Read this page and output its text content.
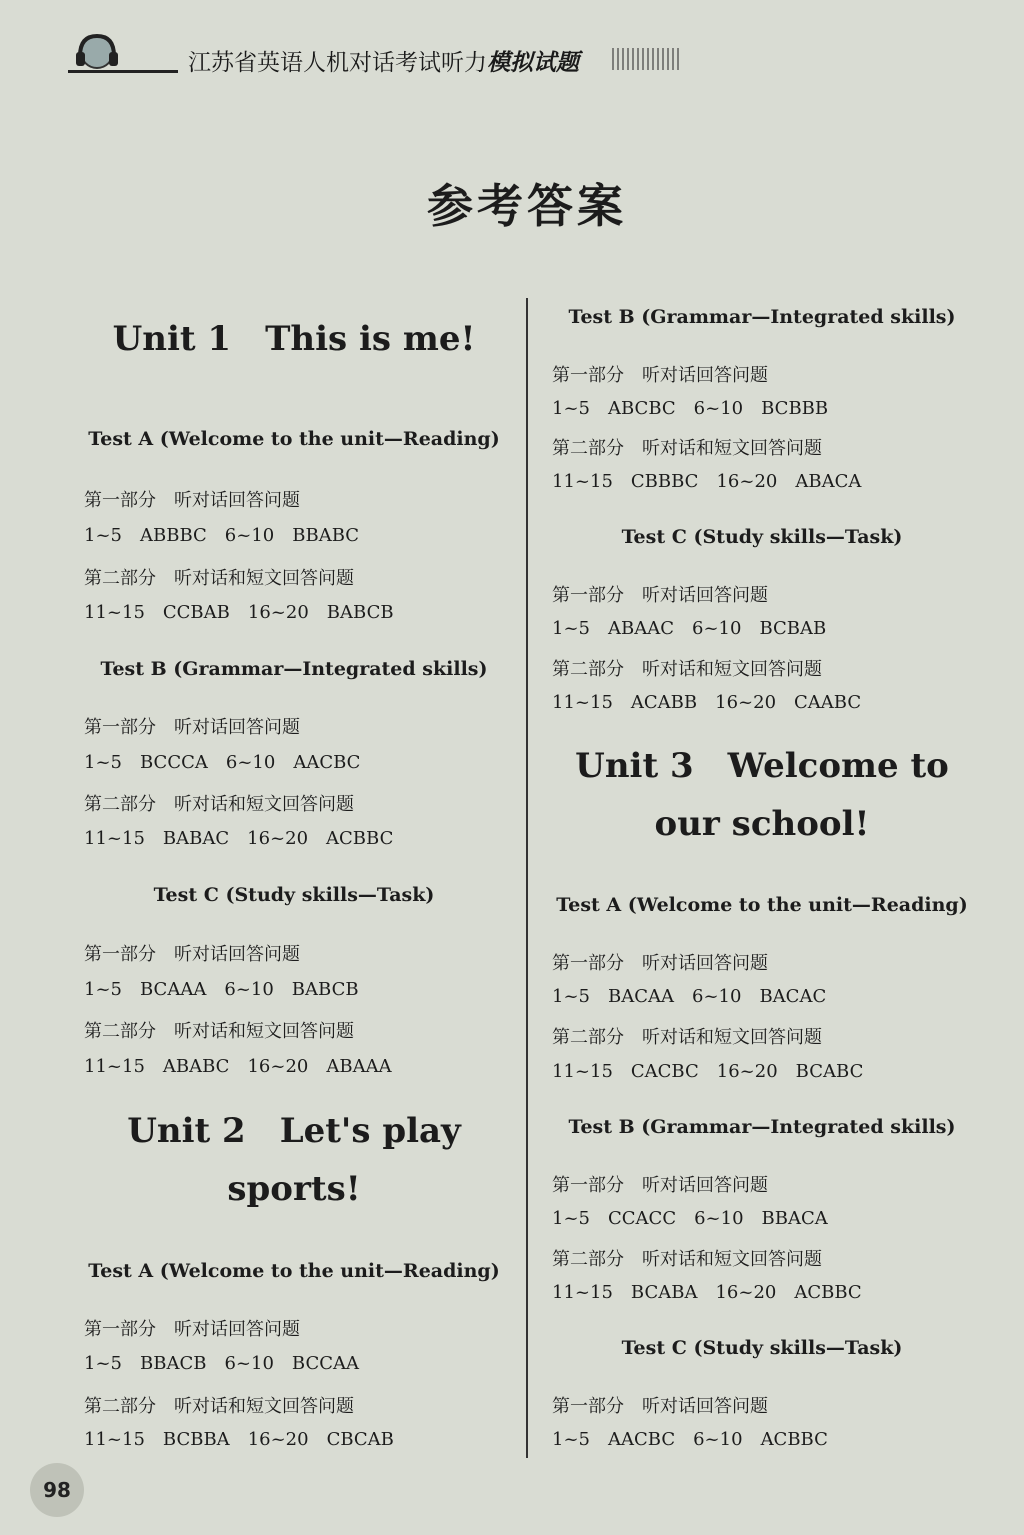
江苏省英语人机对话考试听力模拟试题
参考答案
Unit 1　This is me!
Test A (Welcome to the unit—Reading)
第一部分　听对话回答问题
1~5 ABBBC 6~10 BBABC
第二部分　听对话和短文回答问题
11~15 CCBAB 16~20 BABCB
Test B (Grammar—Integrated skills)
第一部分　听对话回答问题
1~5 BCCCA 6~10 AACBC
第二部分　听对话和短文回答问题
11~15 BABAC 16~20 ACBBC
Test C (Study skills—Task)
第一部分　听对话回答问题
1~5 BCAAA 6~10 BABCB
第二部分　听对话和短文回答问题
11~15 ABABC 16~20 ABAAA
Unit 2　Let's play
sports!
Test A (Welcome to the unit—Reading)
第一部分　听对话回答问题
1~5 BBACB 6~10 BCCAA
第二部分　听对话和短文回答问题
11~15 BCBBA 16~20 CBCAB
Test B (Grammar—Integrated skills)
第一部分　听对话回答问题
1~5 ABCBC 6~10 BCBBB
第二部分　听对话和短文回答问题
11~15 CBBBC 16~20 ABACA
Test C (Study skills—Task)
第一部分　听对话回答问题
1~5 ABAAC 6~10 BCBAB
第二部分　听对话和短文回答问题
11~15 ACABB 16~20 CAABC
Unit 3　Welcome to
our school!
Test A (Welcome to the unit—Reading)
第一部分　听对话回答问题
1~5 BACAA 6~10 BACAC
第二部分　听对话和短文回答问题
11~15 CACBC 16~20 BCABC
Test B (Grammar—Integrated skills)
第一部分　听对话回答问题
1~5 CCACC 6~10 BBACA
第二部分　听对话和短文回答问题
11~15 BCABA 16~20 ACBBC
Test C (Study skills—Task)
第一部分　听对话回答问题
1~5 AACBC 6~10 ACBBC
98
